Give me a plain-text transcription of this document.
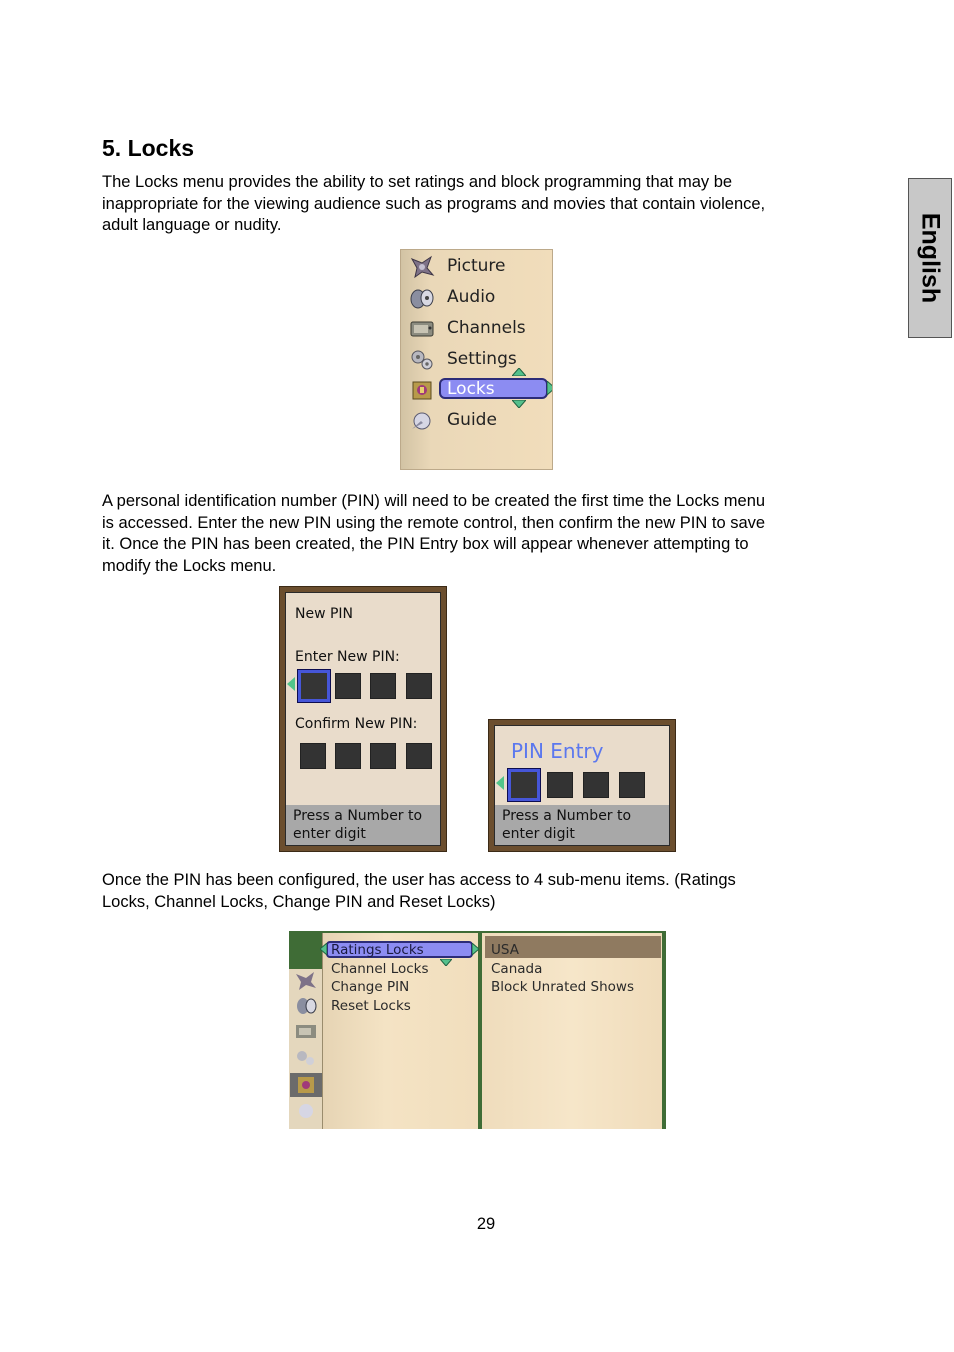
5. Locks
English
The Locks menu provides the ability to set ratings and block programming that may be
inappropriate for the viewing audience such as programs and movies that contain violence,
adult language or nudity.
Picture
Audio
Channels
Settings
Locks
Guide
A personal identification number (PIN) will need to be created the first time the Locks menu
is accessed. Enter the new PIN using the remote control, then confirm the new PIN to save
it. Once the PIN has been created, the PIN Entry box will appear whenever attempting to
modify the Locks menu.
New PIN
Enter New PIN:
Confirm New PIN:
Press a Number to
enter digit
PIN Entry
Press a Number to
enter digit
Once the PIN has been configured, the user has access to 4 sub-menu items. (Ratings
Locks, Channel Locks, Change PIN and Reset Locks)
Ratings Locks
Channel Locks
Change PIN
Reset Locks
USA
Canada
Block Unrated Shows
29
